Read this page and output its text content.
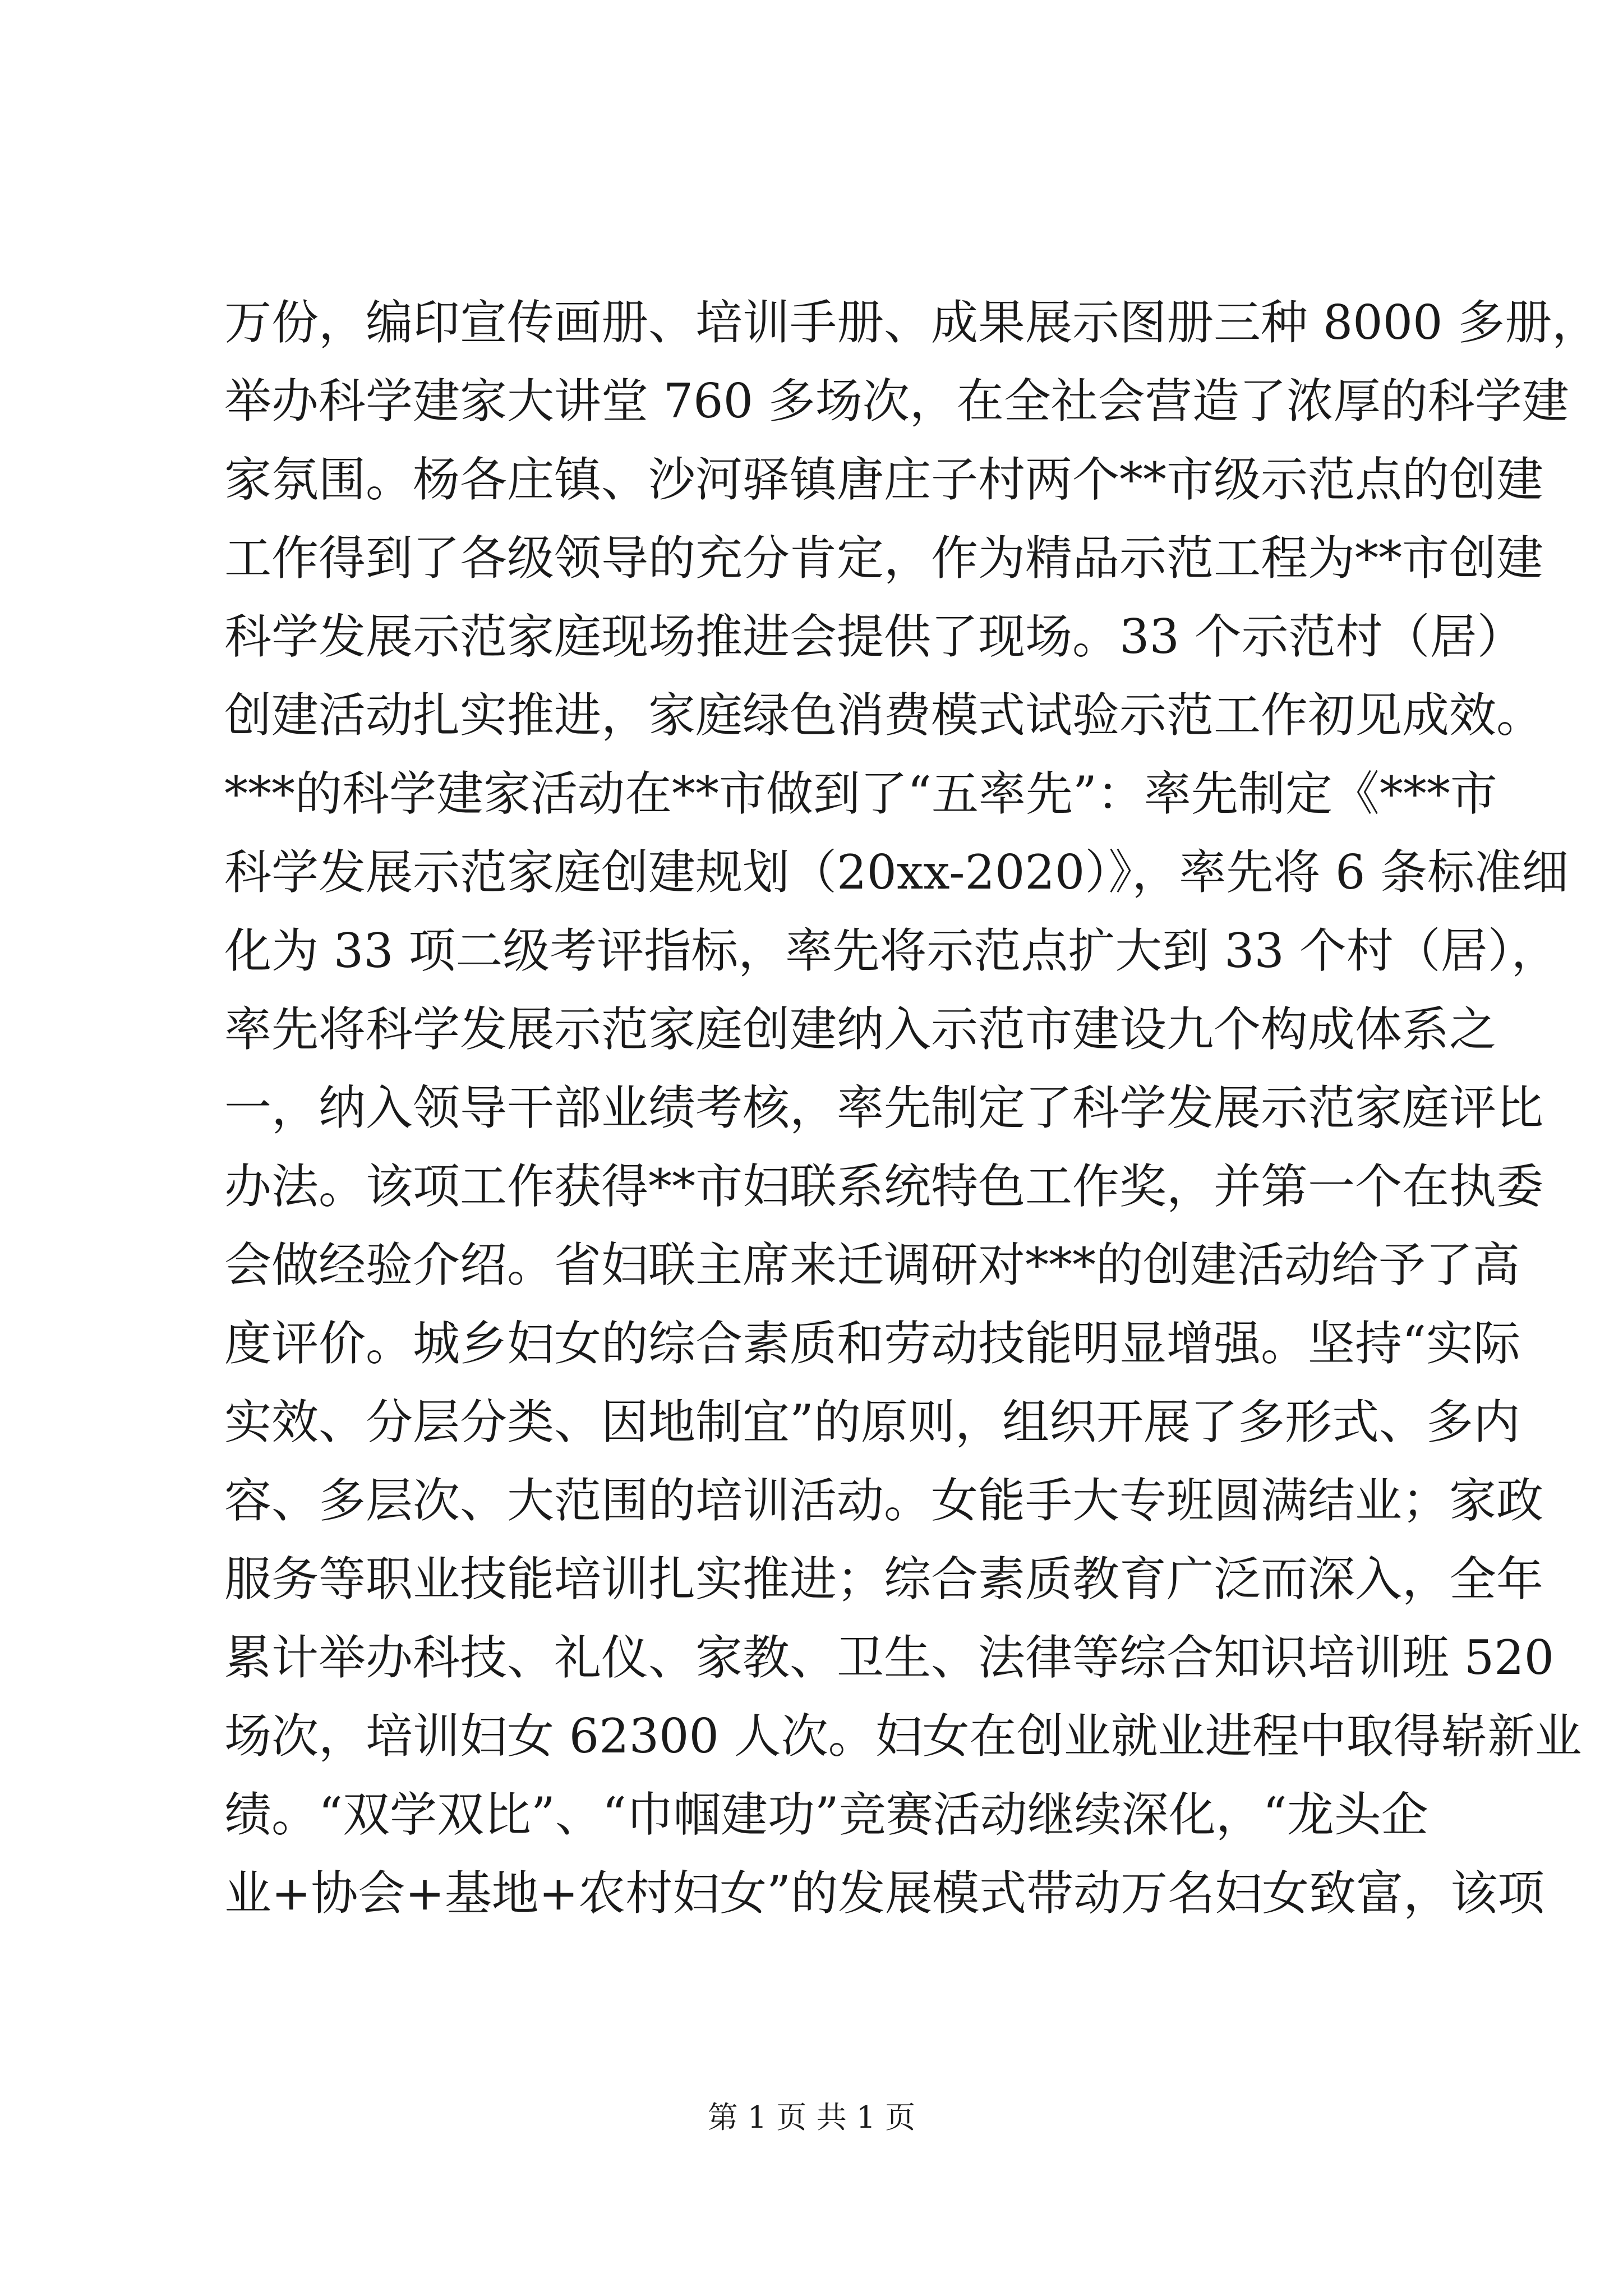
万份，编印宣传画册、培训手册、成果展示图册三种 8000 多册，
举办科学建家大讲堂 760 多场次，在全社会营造了浓厚的科学建
家氛围。杨各庄镇、沙河驿镇唐庄子村两个**市级示范点的创建
工作得到了各级领导的充分肯定，作为精品示范工程为**市创建
科学发展示范家庭现场推进会提供了现场。33 个示范村（居）
创建活动扎实推进，家庭绿色消费模式试验示范工作初见成效。
***的科学建家活动在**市做到了“五率先”：率先制定《***市
科学发展示范家庭创建规划（20xx-2020）》，率先将 6 条标准细
化为 33 项二级考评指标，率先将示范点扩大到 33 个村（居），
率先将科学发展示范家庭创建纳入示范市建设九个构成体系之
一，纳入领导干部业绩考核，率先制定了科学发展示范家庭评比
办法。该项工作获得**市妇联系统特色工作奖，并第一个在执委
会做经验介绍。省妇联主席来迁调研对***的创建活动给予了高
度评价。城乡妇女的综合素质和劳动技能明显增强。坚持“实际
实效、分层分类、因地制宜”的原则，组织开展了多形式、多内
容、多层次、大范围的培训活动。女能手大专班圆满结业；家政
服务等职业技能培训扎实推进；综合素质教育广泛而深入，全年
累计举办科技、礼仪、家教、卫生、法律等综合知识培训班 520
场次，培训妇女 62300 人次。妇女在创业就业进程中取得崭新业
绩。“双学双比”、“巾帼建功”竞赛活动继续深化，“龙头企
业+协会+基地+农村妇女”的发展模式带动万名妇女致富，该项
第 1 页 共 1 页
